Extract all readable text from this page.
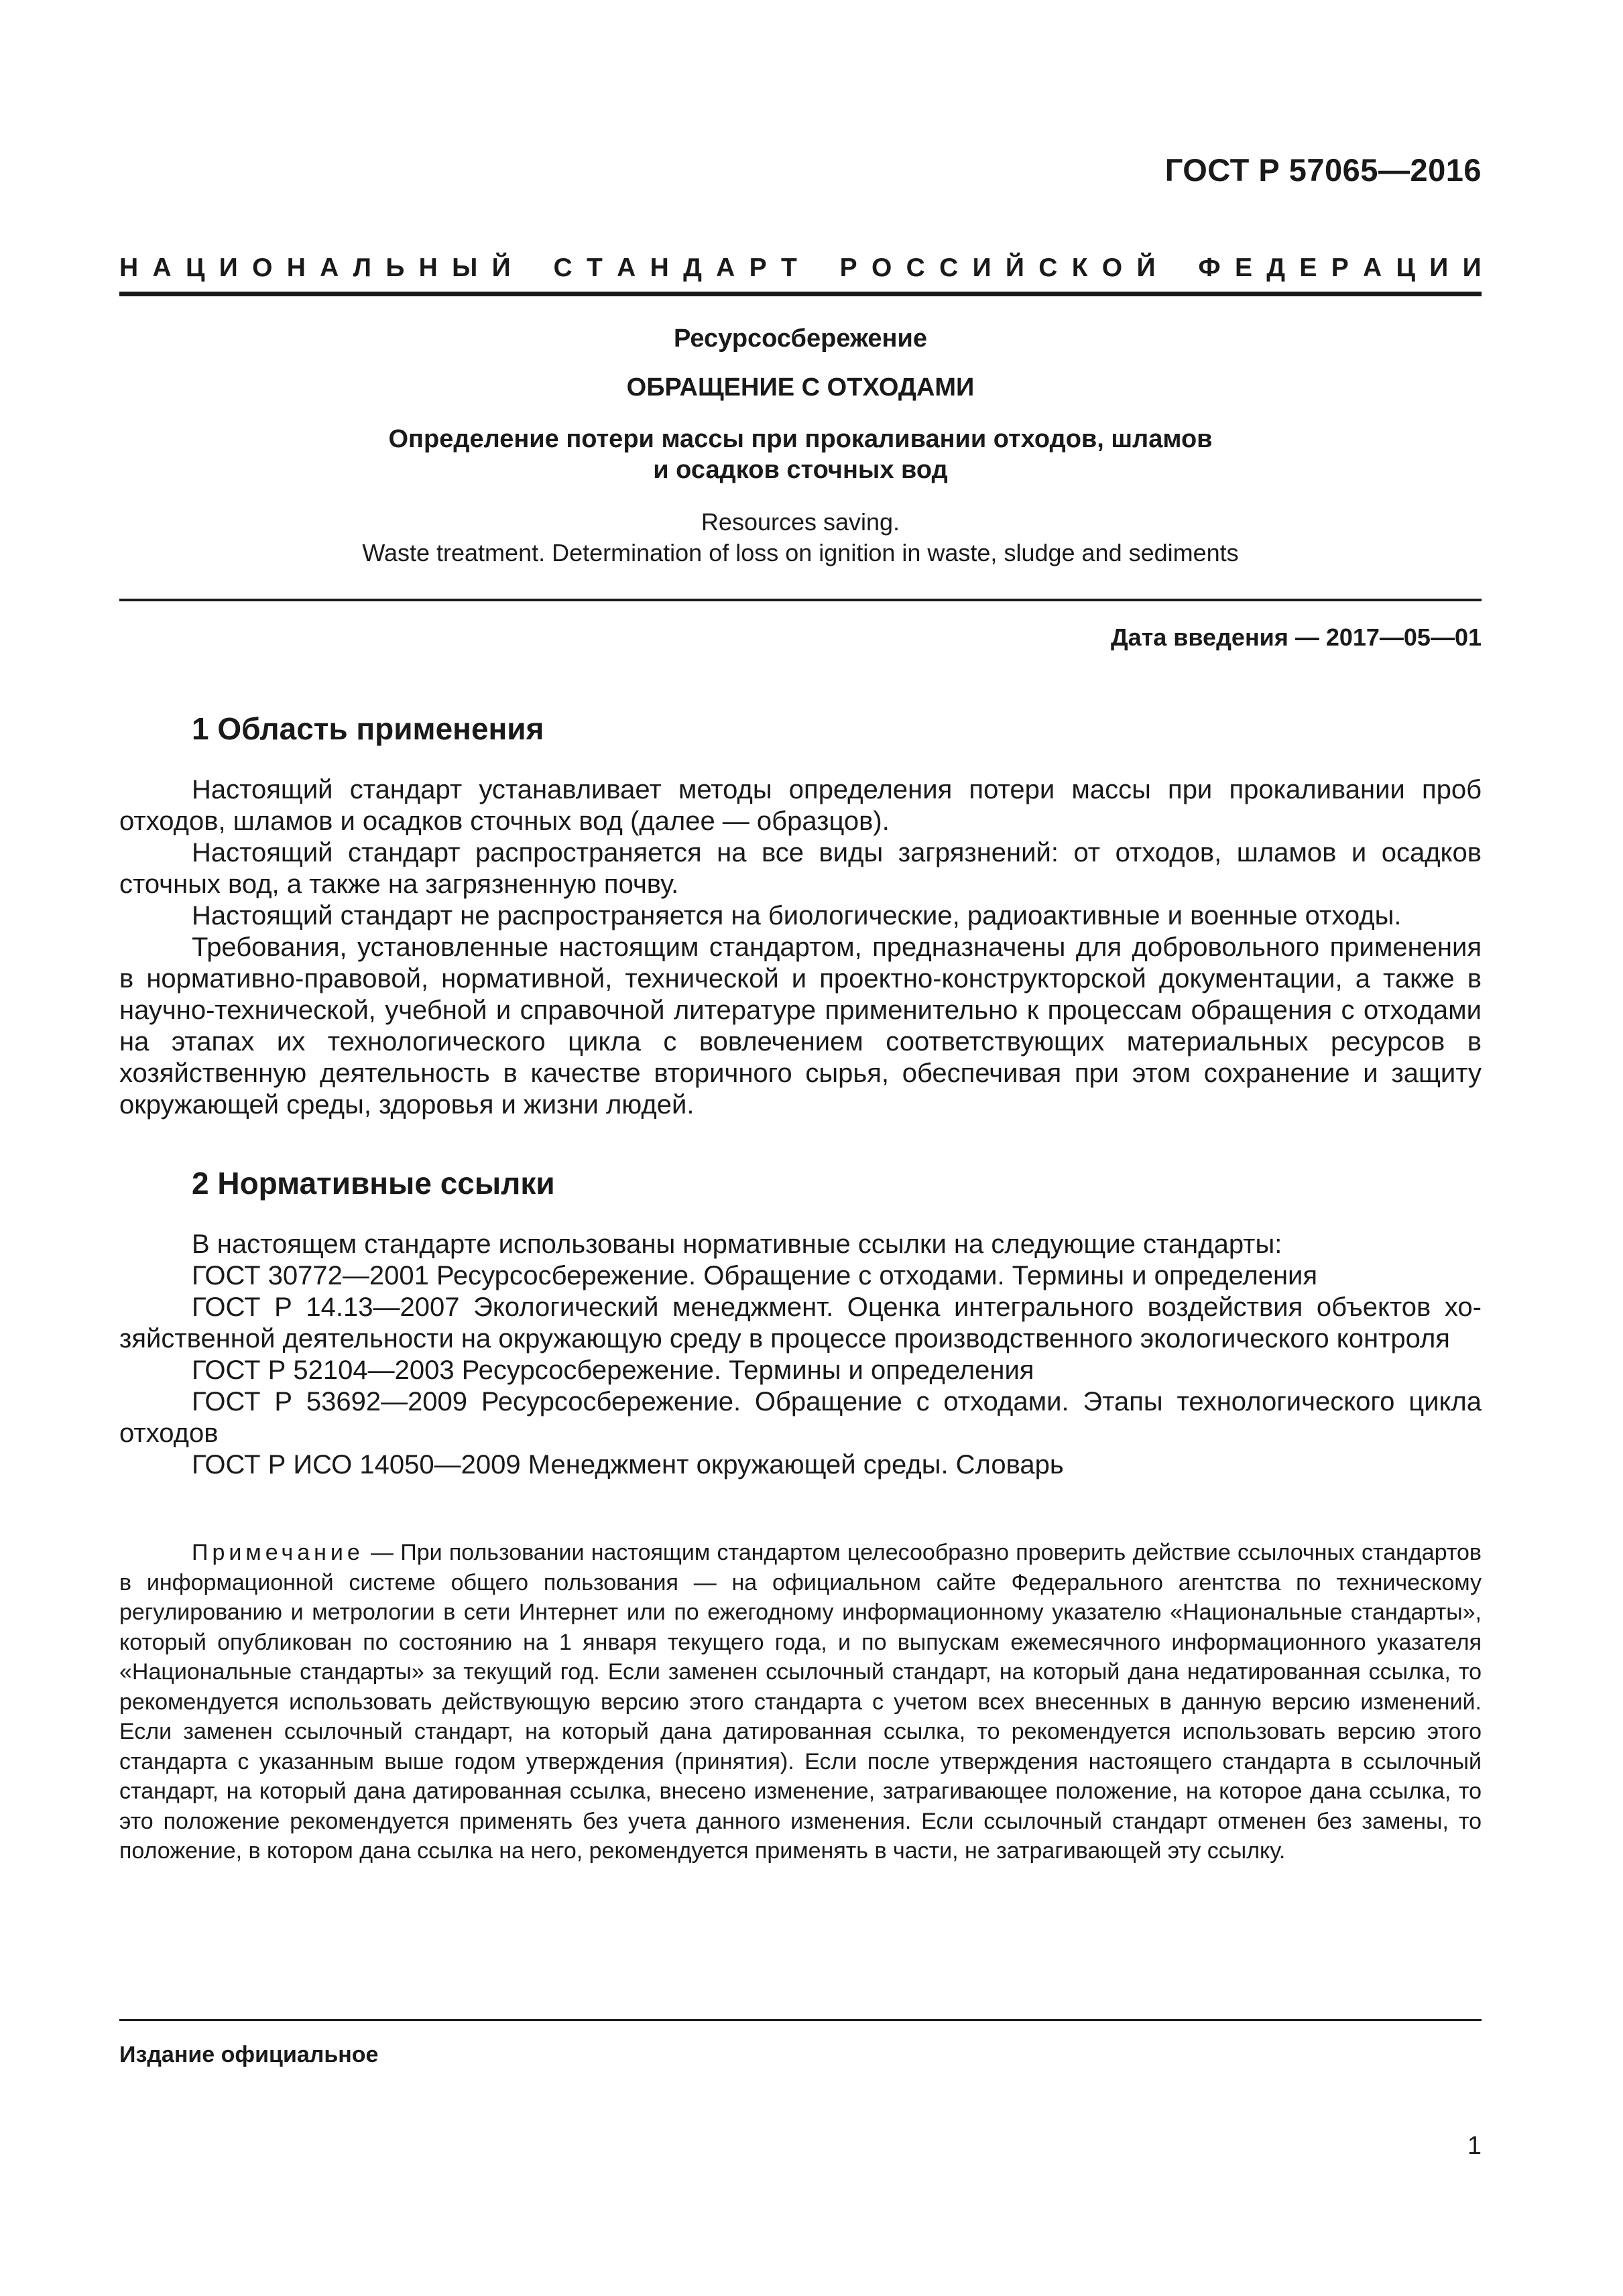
ГОСТ Р 57065—2016
Н А Ц И О Н А Л Ь Н Ы Й С Т А Н Д А Р Т Р О С С И Й С К О Й Ф Е Д Е Р А Ц И И
Ресурсосбережение
ОБРАЩЕНИЕ С ОТХОДАМИ
Определение потери массы при прокаливании отходов, шламов
и осадков сточных вод
Resources saving.
Waste treatment. Determination of loss on ignition in waste, sludge and sediments
Дата введения — 2017—05—01
1 Область применения

Настоящий стандарт устанавливает методы определения потери массы при прокаливании проб отходов, шламов и осадков сточных вод (далее — образцов).

Настоящий стандарт распространяется на все виды загрязнений: от отходов, шламов и осадков сточных вод, а также на загрязненную почву.

Настоящий стандарт не распространяется на биологические, радиоактивные и военные отходы.

Требования, установленные настоящим стандартом, предназначены для добровольного применения в нормативно-правовой, нормативной, технической и проектно-конструкторской документации, а также в научно-технической, учебной и справочной литературе применительно к процессам обращения с отходами на этапах их технологического цикла с вовлечением соответствующих материальных ресурсов в хозяйственную деятельность в качестве вторичного сырья, обеспечивая при этом сохранение и защиту окружающей среды, здоровья и жизни людей.

2 Нормативные ссылки

В настоящем стандарте использованы нормативные ссылки на следующие стандарты:

ГОСТ 30772—2001 Ресурсосбережение. Обращение с отходами. Термины и определения

ГОСТ Р 14.13—2007 Экологический менеджмент. Оценка интегрального воздействия объектов хозяйственной деятельности на окружающую среду в процессе производственного экологического контроля

ГОСТ Р 52104—2003 Ресурсосбережение. Термины и определения

ГОСТ Р 53692—2009 Ресурсосбережение. Обращение с отходами. Этапы технологического цикла отходов

ГОСТ Р ИСО 14050—2009 Менеджмент окружающей среды. Словарь

Примечание — При пользовании настоящим стандартом целесообразно проверить действие ссылочных стандартов в информационной системе общего пользования — на официальном сайте Федерального агентства по техническому регулированию и метрологии в сети Интернет или по ежегодному информационному указателю «Национальные стандарты», который опубликован по состоянию на 1 января текущего года, и по выпускам ежемесячного информационного указателя «Национальные стандарты» за текущий год. Если заменен ссылочный стандарт, на который дана недатированная ссылка, то рекомендуется использовать действующую версию этого стандарта с учетом всех внесенных в данную версию изменений. Если заменен ссылочный стандарт, на который дана датированная ссылка, то рекомендуется использовать версию этого стандарта с указанным выше годом утверждения (принятия). Если после утверждения настоящего стандарта в ссылочный стандарт, на который дана датированная ссылка, внесено изменение, затрагивающее положение, на которое дана ссылка, то это положение рекомендуется применять без учета данного изменения. Если ссылочный стандарт отменен без замены, то положение, в котором дана ссылка на него, рекомендуется применять в части, не затрагивающей эту ссылку.
Издание официальное
1
